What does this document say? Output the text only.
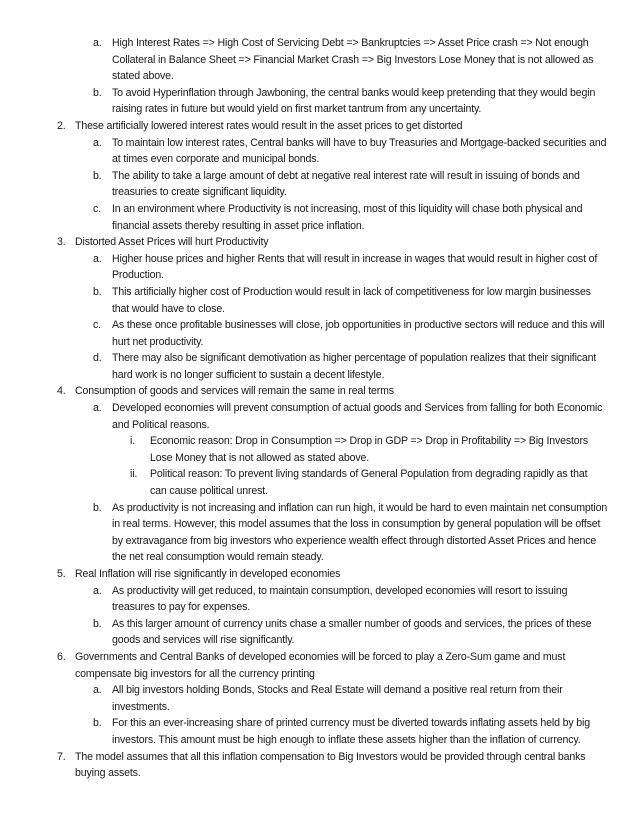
a. High Interest Rates => High Cost of Servicing Debt => Bankruptcies => Asset Price crash => Not enough Collateral in Balance Sheet => Financial Market Crash => Big Investors Lose Money that is not allowed as stated above.
b. To avoid Hyperinflation through Jawboning, the central banks would keep pretending that they would begin raising rates in future but would yield on first market tantrum from any uncertainty.
2. These artificially lowered interest rates would result in the asset prices to get distorted
a. To maintain low interest rates, Central banks will have to buy Treasuries and Mortgage-backed securities and at times even corporate and municipal bonds.
b. The ability to take a large amount of debt at negative real interest rate will result in issuing of bonds and treasuries to create significant liquidity.
c. In an environment where Productivity is not increasing, most of this liquidity will chase both physical and financial assets thereby resulting in asset price inflation.
3. Distorted Asset Prices will hurt Productivity
a. Higher house prices and higher Rents that will result in increase in wages that would result in higher cost of Production.
b. This artificially higher cost of Production would result in lack of competitiveness for low margin businesses that would have to close.
c. As these once profitable businesses will close, job opportunities in productive sectors will reduce and this will hurt net productivity.
d. There may also be significant demotivation as higher percentage of population realizes that their significant hard work is no longer sufficient to sustain a decent lifestyle.
4. Consumption of goods and services will remain the same in real terms
a. Developed economies will prevent consumption of actual goods and Services from falling for both Economic and Political reasons.
i. Economic reason: Drop in Consumption => Drop in GDP => Drop in Profitability => Big Investors Lose Money that is not allowed as stated above.
ii. Political reason: To prevent living standards of General Population from degrading rapidly as that can cause political unrest.
b. As productivity is not increasing and inflation can run high, it would be hard to even maintain net consumption in real terms. However, this model assumes that the loss in consumption by general population will be offset by extravagance from big investors who experience wealth effect through distorted Asset Prices and hence the net real consumption would remain steady.
5. Real Inflation will rise significantly in developed economies
a. As productivity will get reduced, to maintain consumption, developed economies will resort to issuing treasures to pay for expenses.
b. As this larger amount of currency units chase a smaller number of goods and services, the prices of these goods and services will rise significantly.
6. Governments and Central Banks of developed economies will be forced to play a Zero-Sum game and must compensate big investors for all the currency printing
a. All big investors holding Bonds, Stocks and Real Estate will demand a positive real return from their investments.
b. For this an ever-increasing share of printed currency must be diverted towards inflating assets held by big investors. This amount must be high enough to inflate these assets higher than the inflation of currency.
7. The model assumes that all this inflation compensation to Big Investors would be provided through central banks buying assets.
